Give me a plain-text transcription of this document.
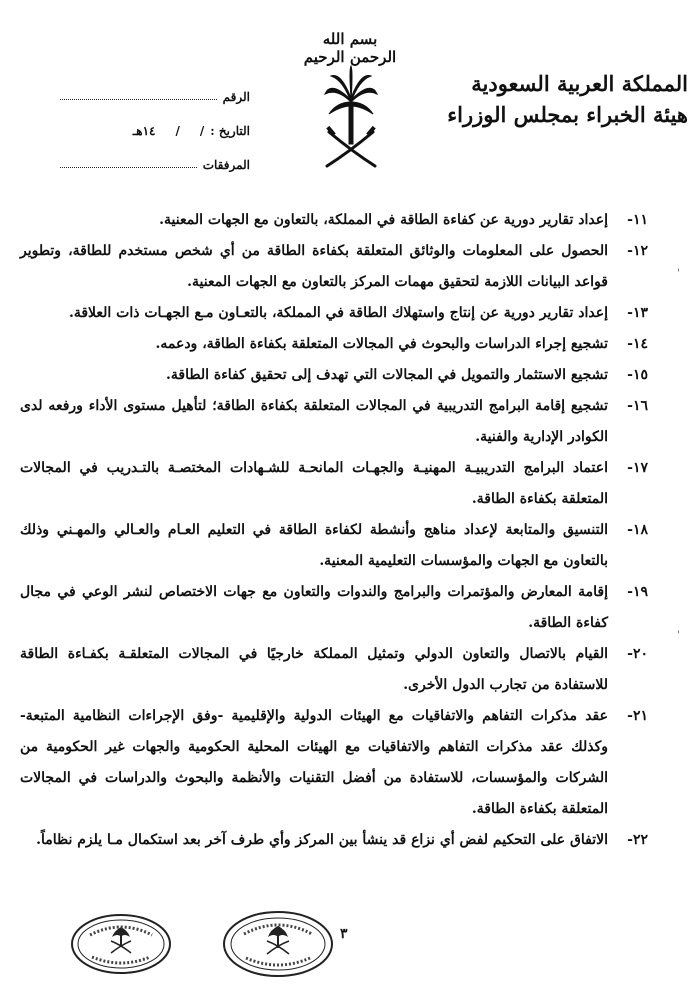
بسم الله الرحمن الرحيم
المملكة العربية السعودية
هيئة الخبراء بمجلس الوزراء
الرقم
التاريخ :
/
/
١٤هـ
المرفقات
١١-
إعداد تقارير دورية عن كفاءة الطاقة في المملكة، بالتعاون مع الجهات المعنية.
١٢-
الحصول على المعلومات والوثائق المتعلقة بكفاءة الطاقة من أي شخص مستخدم للطاقة، وتطوير قواعد البيانات اللازمة لتحقيق مهمات المركز بالتعاون مع الجهات المعنية.
١٣-
إعداد تقارير دورية عن إنتاج واستهلاك الطاقة في المملكة، بالتعـاون مـع الجهـات ذات العلاقة.
١٤-
تشجيع إجراء الدراسات والبحوث في المجالات المتعلقة بكفاءة الطاقة، ودعمه.
١٥-
تشجيع الاستثمار والتمويل في المجالات التي تهدف إلى تحقيق كفاءة الطاقة.
١٦-
تشجيع إقامة البرامج التدريبية في المجالات المتعلقة بكفاءة الطاقة؛ لتأهيل مستوى الأداء ورفعه لدى الكوادر الإدارية والفنية.
١٧-
اعتماد البرامج التدريبيـة المهنيـة والجهـات المانحـة للشـهادات المختصـة بالتـدريب في المجالات المتعلقة بكفاءة الطاقة.
١٨-
التنسيق والمتابعة لإعداد مناهج وأنشطة لكفاءة الطاقة في التعليم العـام والعـالي والمهـني وذلك بالتعاون مع الجهات والمؤسسات التعليمية المعنية.
١٩-
إقامة المعارض والمؤتمرات والبرامج والندوات والتعاون مع جهات الاختصاص لنشر الوعي في مجال كفاءة الطاقة.
٢٠-
القيام بالاتصال والتعاون الدولي وتمثيل المملكة خارجيًا في المجالات المتعلقـة بكفـاءة الطاقة للاستفادة من تجارب الدول الأخرى.
٢١-
عقد مذكرات التفاهم والاتفاقيات مع الهيئات الدولية والإقليمية -وفق الإجراءات النظامية المتبعة- وكذلك عقد مذكرات التفاهم والاتفاقيات مع الهيئات المحلية الحكومية والجهات غير الحكومية من الشركات والمؤسسات، للاستفادة من أفضل التقنيات والأنظمة والبحوث والدراسات في المجالات المتعلقة بكفاءة الطاقة.
٢٢-
الاتفاق على التحكيم لفض أي نزاع قد ينشأ بين المركز وأي طرف آخر بعد استكمال مـا يلزم نظاماً.
'
'
٣
